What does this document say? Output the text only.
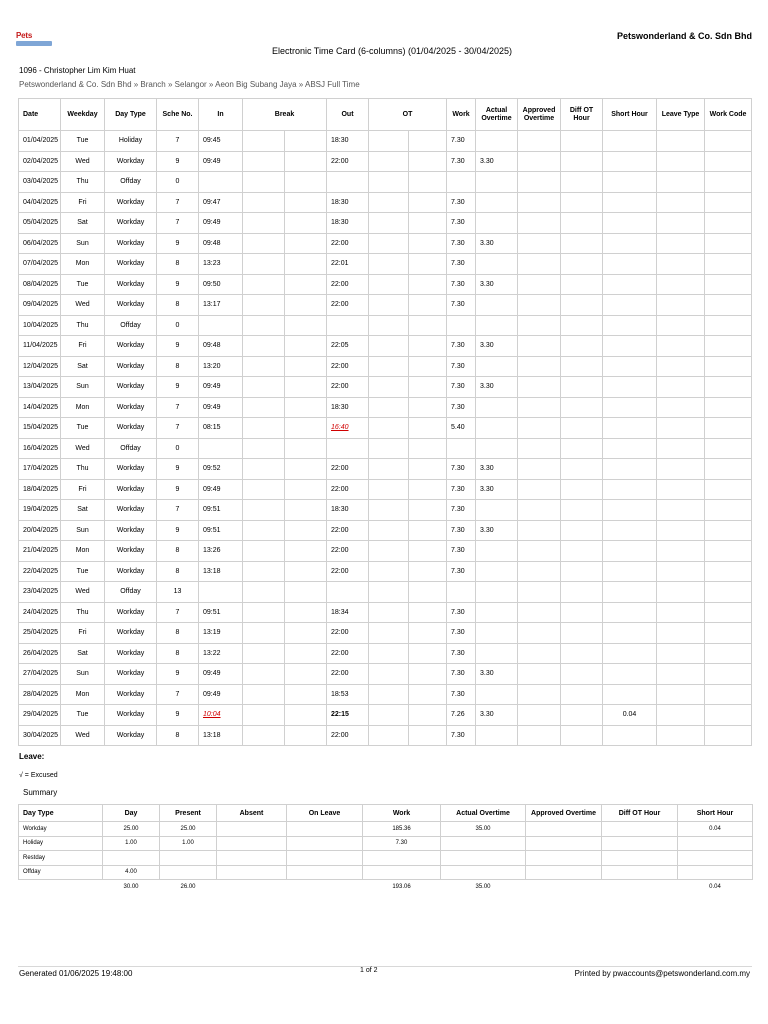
Pets	Petswonderland & Co. Sdn Bhd
Electronic Time Card (6-columns) (01/04/2025 - 30/04/2025)
1096 - Christopher Lim Kim Huat
Petswonderland & Co. Sdn Bhd » Branch » Selangor » Aeon Big Subang Jaya » ABSJ Full Time
Date	Weekday	Day Type	Sche No.	In	Break		Out	OT		Work	Actual Overtime	Approved Overtime	Diff OT Hour	Short Hour	Leave Type	Work Code
01/04/2025	Tue	Holiday	7	09:45			18:30			7.30						
02/04/2025	Wed	Workday	9	09:49			22:00			7.30	3.30					
03/04/2025	Thu	Offday	0													
04/04/2025	Fri	Workday	7	09:47			18:30			7.30						
05/04/2025	Sat	Workday	7	09:49			18:30			7.30						
06/04/2025	Sun	Workday	9	09:48			22:00			7.30	3.30					
07/04/2025	Mon	Workday	8	13:23			22:01			7.30						
08/04/2025	Tue	Workday	9	09:50			22:00			7.30	3.30					
09/04/2025	Wed	Workday	8	13:17			22:00			7.30						
10/04/2025	Thu	Offday	0													
11/04/2025	Fri	Workday	9	09:48			22:05			7.30	3.30					
12/04/2025	Sat	Workday	8	13:20			22:00			7.30						
13/04/2025	Sun	Workday	9	09:49			22:00			7.30	3.30					
14/04/2025	Mon	Workday	7	09:49			18:30			7.30						
15/04/2025	Tue	Workday	7	08:15			16:40			5.40						
16/04/2025	Wed	Offday	0													
17/04/2025	Thu	Workday	9	09:52			22:00			7.30	3.30					
18/04/2025	Fri	Workday	9	09:49			22:00			7.30	3.30					
19/04/2025	Sat	Workday	7	09:51			18:30			7.30						
20/04/2025	Sun	Workday	9	09:51			22:00			7.30	3.30					
21/04/2025	Mon	Workday	8	13:26			22:00			7.30						
22/04/2025	Tue	Workday	8	13:18			22:00			7.30						
23/04/2025	Wed	Offday	13													
24/04/2025	Thu	Workday	7	09:51			18:34			7.30						
25/04/2025	Fri	Workday	8	13:19			22:00			7.30						
26/04/2025	Sat	Workday	8	13:22			22:00			7.30						
27/04/2025	Sun	Workday	9	09:49			22:00			7.30	3.30					
28/04/2025	Mon	Workday	7	09:49			18:53			7.30						
29/04/2025	Tue	Workday	9	10:04			22:15			7.26	3.30			0.04		
30/04/2025	Wed	Workday	8	13:18			22:00			7.30						
Leave:
√ = Excused
Summary
Day Type	Day	Present	Absent	On Leave	Work	Actual Overtime	Approved Overtime	Diff OT Hour	Short Hour
Workday	25.00	25.00			185.36	35.00			0.04
Holiday	1.00	1.00			7.30				
Restday									
Offday	4.00								
	30.00	26.00			193.06	35.00			0.04
Generated 01/06/2025 19:48:00	1 of 2	Printed by pwaccounts@petswonderland.com.my
